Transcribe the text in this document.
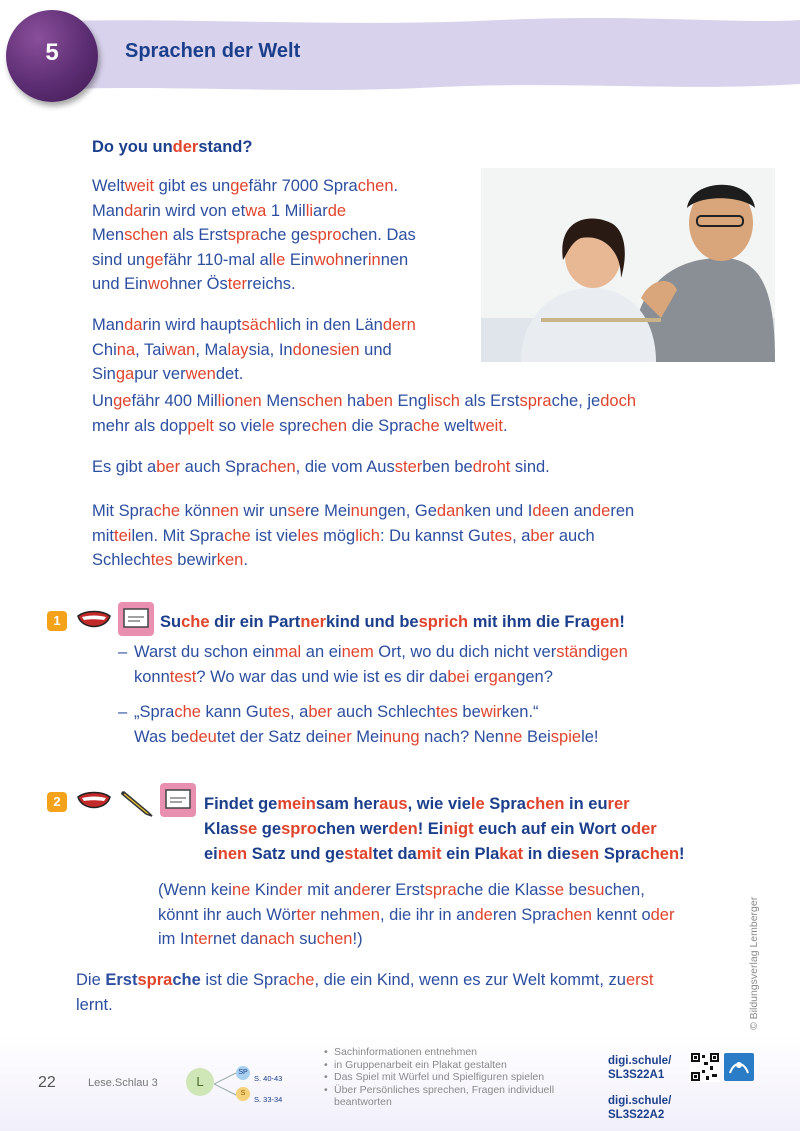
5	Sprachen der Welt
Do you understand?
Weltweit gibt es ungefähr 7000 Sprachen.
Mandarin wird von etwa 1 Milliarde
Menschen als Erstsprache gesprochen. Das
sind ungefähr 110-mal alle Einwohnerinnen
und Einwohner Österreichs.
Mandarin wird hauptsächlich in den Ländern
China, Taiwan, Malaysia, Indonesien und
Singapur verwendet.
Ungefähr 400 Millionen Menschen haben Englisch als Erstsprache, jedoch
mehr als doppelt so viele sprechen die Sprache weltweit.
Es gibt aber auch Sprachen, die vom Aussterben bedroht sind.
Mit Sprache können wir unsere Meinungen, Gedanken und Ideen anderen
mitteilen. Mit Sprache ist vieles möglich: Du kannst Gutes, aber auch
Schlechtes bewirken.
1	Suche dir ein Partnerkind und besprich mit ihm die Fragen!
– Warst du schon einmal an einem Ort, wo du dich nicht verständigen
konntest? Wo war das und wie ist es dir dabei ergangen?
– „Sprache kann Gutes, aber auch Schlechtes bewirken.“
Was bedeutet der Satz deiner Meinung nach? Nenne Beispiele!
2	Findet gemeinsam heraus, wie viele Sprachen in eurer
Klasse gesprochen werden! Einigt euch auf ein Wort oder
einen Satz und gestaltet damit ein Plakat in diesen Sprachen!
(Wenn keine Kinder mit anderer Erstsprache die Klasse besuchen,
könnt ihr auch Wörter nehmen, die ihr in anderen Sprachen kennt oder
im Internet danach suchen!)
Die Erstsprache ist die Sprache, die ein Kind, wenn es zur Welt kommt, zuerst
lernt.	© Bildungsverlag Lemberger
22	Lese.Schlau 3	L
SP
S. 40-43
S
S. 33-34
• Sachinformationen entnehmen
• in Gruppenarbeit ein Plakat gestalten
• Das Spiel mit Würfel und Spielfiguren spielen
• Über Persönliches sprechen, Fragen individuell beantworten
digi.schule/
SL3S22A1
digi.schule/
SL3S22A2
